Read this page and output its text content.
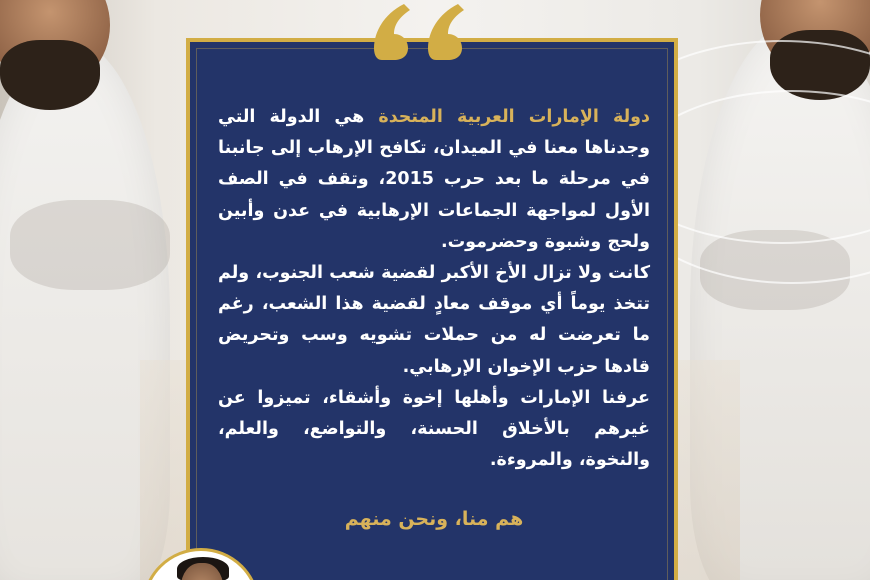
دولة الإمارات العربية المتحدة هي الدولة التي وجدناها معنا في الميدان، تكافح الإرهاب إلى جانبنا في مرحلة ما بعد حرب 2015، وتقف في الصف الأول لمواجهة الجماعات الإرهابية في عدن وأبين ولحج وشبوة وحضرموت.

كانت ولا تزال الأخ الأكبر لقضية شعب الجنوب، ولم تتخذ يوماً أي موقف معادٍ لقضية هذا الشعب، رغم ما تعرضت له من حملات تشويه وسب وتحريض قادها حزب الإخوان الإرهابي.

عرفنا الإمارات وأهلها إخوة وأشقاء، تميزوا عن غيرهم بالأخلاق الحسنة، والتواضع، والعلم، والنخوة، والمروءة.

هم منا، ونحن منهم
